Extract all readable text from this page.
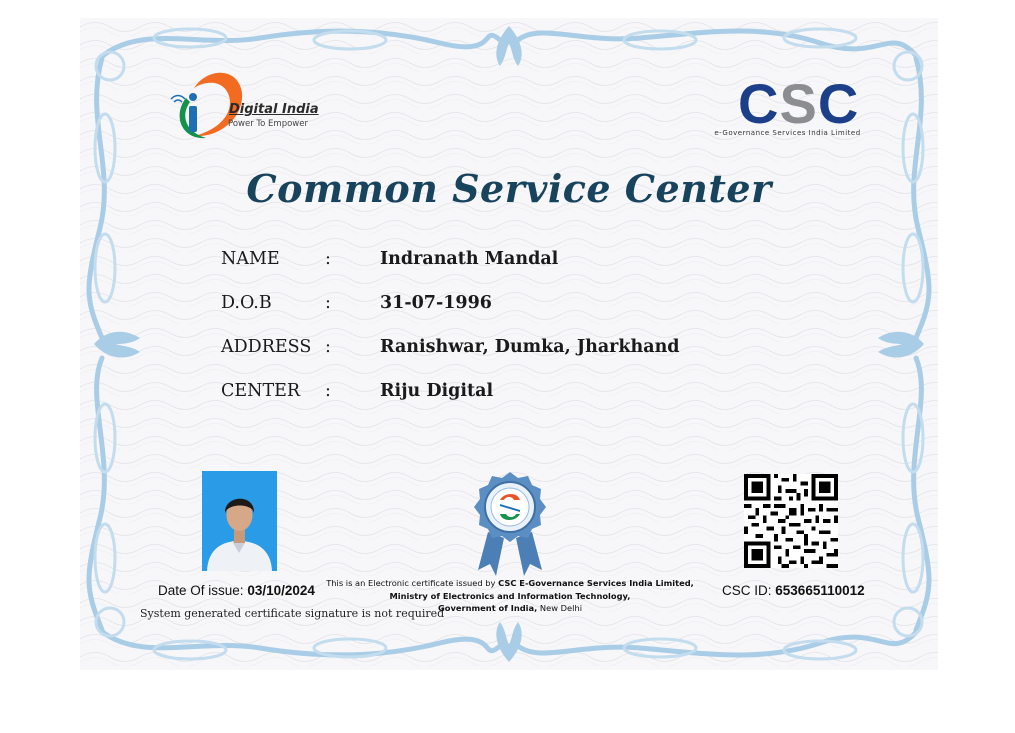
Digital India
Power To Empower	CSC
e-Governance Services India Limited
Common Service Center
NAME	:	Indranath Mandal
D.O.B	:	31-07-1996
ADDRESS :	Ranishwar, Dumka, Jharkhand
CENTER :	Riju Digital
Date Of issue: 03/10/2024
System generated certificate signature is not required
This is an Electronic certificate issued by CSC E-Governance Services India Limited,
Ministry of Electronics and Information Technology,
Government of India, New Delhi
CSC ID: 653665110012
